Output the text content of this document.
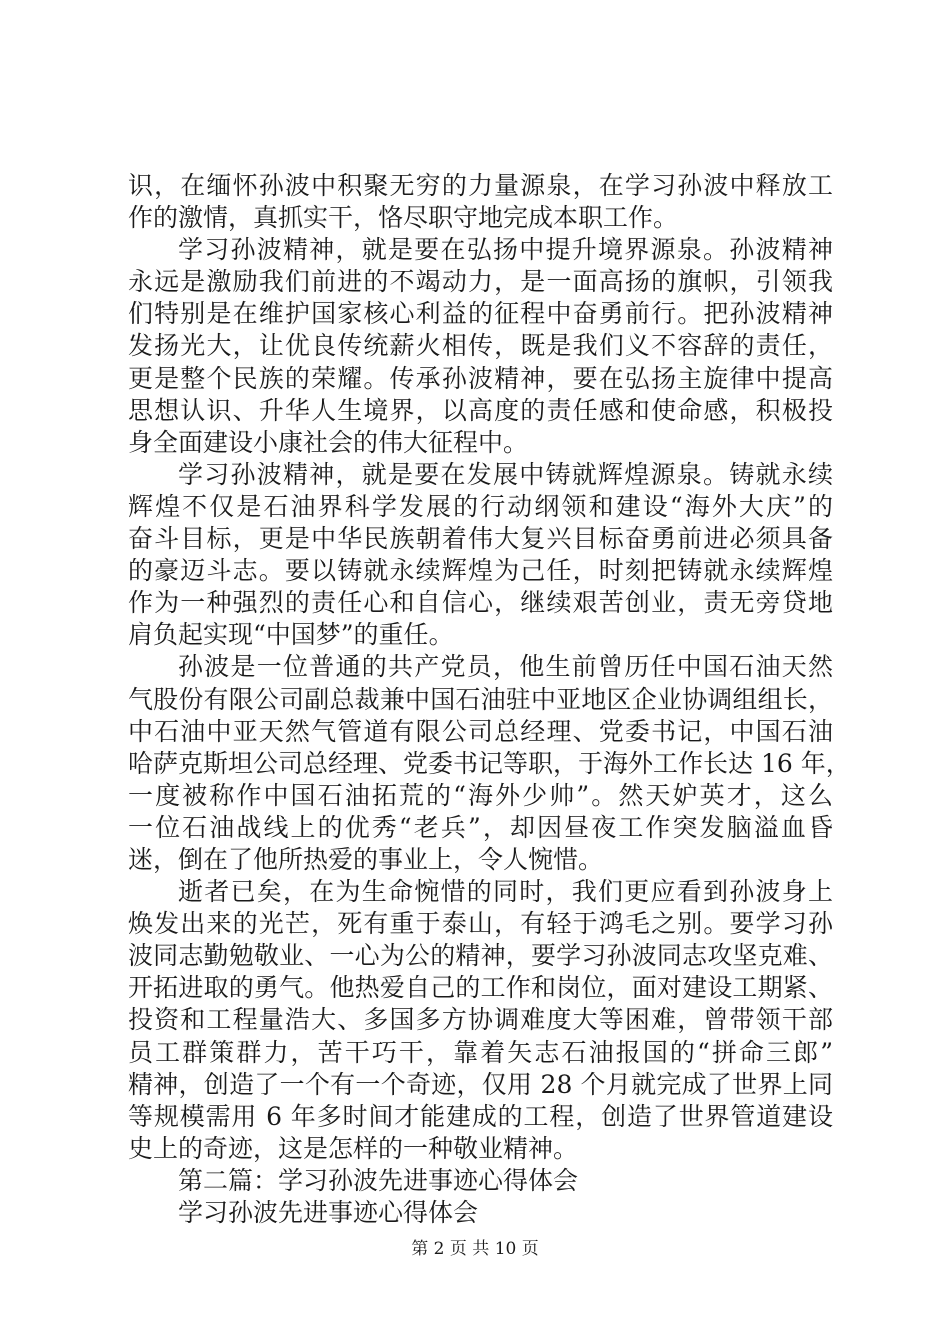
识，在缅怀孙波中积聚无穷的力量源泉，在学习孙波中释放工
作的激情，真抓实干，恪尽职守地完成本职工作。
学习孙波精神，就是要在弘扬中提升境界源泉。孙波精神
永远是激励我们前进的不竭动力，是一面高扬的旗帜，引领我
们特别是在维护国家核心利益的征程中奋勇前行。把孙波精神
发扬光大，让优良传统薪火相传，既是我们义不容辞的责任，
更是整个民族的荣耀。传承孙波精神，要在弘扬主旋律中提高
思想认识、升华人生境界，以高度的责任感和使命感，积极投
身全面建设小康社会的伟大征程中。
学习孙波精神，就是要在发展中铸就辉煌源泉。铸就永续
辉煌不仅是石油界科学发展的行动纲领和建设“海外大庆”的
奋斗目标，更是中华民族朝着伟大复兴目标奋勇前进必须具备
的豪迈斗志。要以铸就永续辉煌为己任，时刻把铸就永续辉煌
作为一种强烈的责任心和自信心，继续艰苦创业，责无旁贷地
肩负起实现“中国梦”的重任。
孙波是一位普通的共产党员，他生前曾历任中国石油天然
气股份有限公司副总裁兼中国石油驻中亚地区企业协调组组长，
中石油中亚天然气管道有限公司总经理、党委书记，中国石油
哈萨克斯坦公司总经理、党委书记等职，于海外工作长达 16 年，
一度被称作中国石油拓荒的“海外少帅”。然天妒英才，这么
一位石油战线上的优秀“老兵”，却因昼夜工作突发脑溢血昏
迷，倒在了他所热爱的事业上，令人惋惜。
逝者已矣，在为生命惋惜的同时，我们更应看到孙波身上
焕发出来的光芒，死有重于泰山，有轻于鸿毛之别。要学习孙
波同志勤勉敬业、一心为公的精神，要学习孙波同志攻坚克难、
开拓进取的勇气。他热爱自己的工作和岗位，面对建设工期紧、
投资和工程量浩大、多国多方协调难度大等困难，曾带领干部
员工群策群力，苦干巧干，靠着矢志石油报国的“拼命三郎”
精神，创造了一个有一个奇迹，仅用 28 个月就完成了世界上同
等规模需用 6 年多时间才能建成的工程，创造了世界管道建设
史上的奇迹，这是怎样的一种敬业精神。
第二篇：学习孙波先进事迹心得体会
学习孙波先进事迹心得体会
第 2 页 共 10 页
